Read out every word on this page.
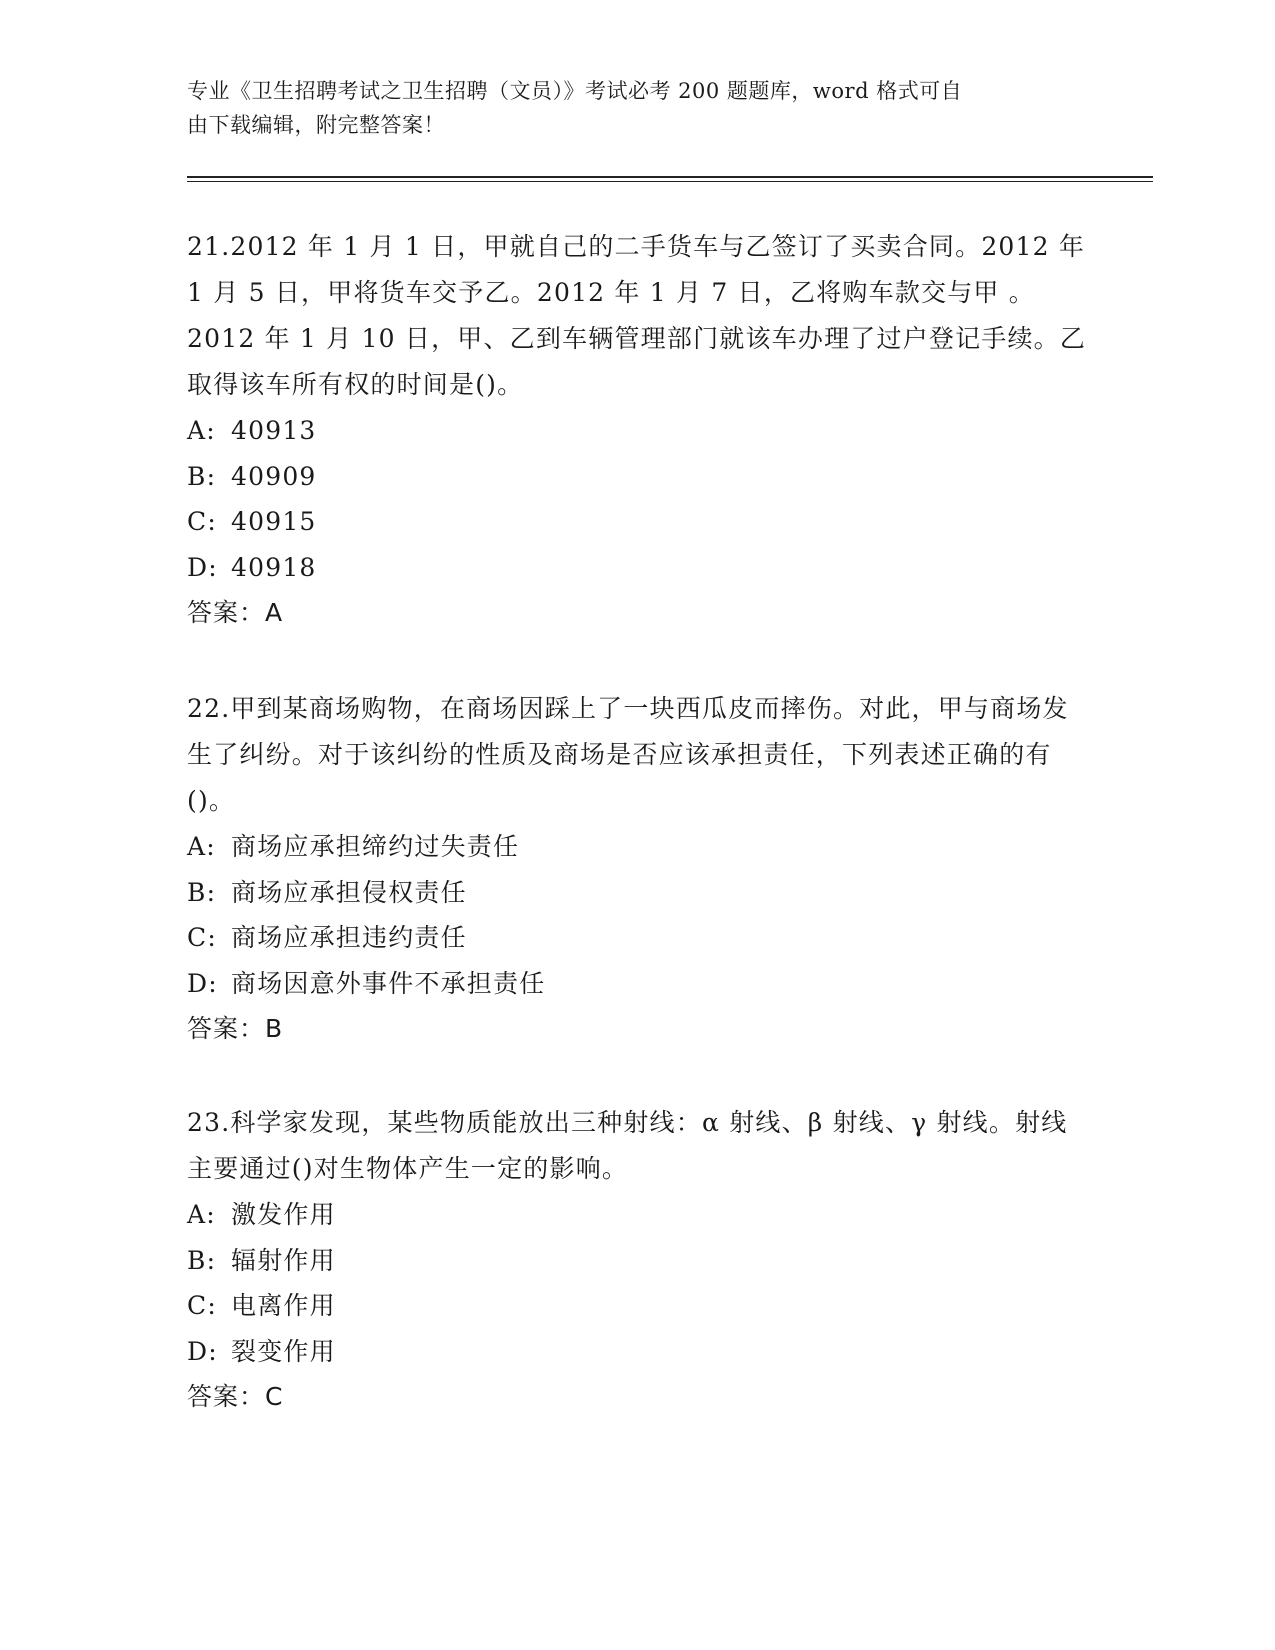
专业《卫生招聘考试之卫生招聘（文员）》考试必考 200 题题库，word 格式可自
由下载编辑，附完整答案！

21.2012 年 1 月 1 日，甲就自己的二手货车与乙签订了买卖合同。2012 年 1 月 5 日，甲将货车交予乙。2012 年 1 月 7 日，乙将购车款交与甲 。2012 年 1 月 10 日，甲、乙到车辆管理部门就该车办理了过户登记手续。乙取得该车所有权的时间是()。

A: 40913
B: 40909
C: 40915
D: 40918
答案：A

22.甲到某商场购物，在商场因踩上了一块西瓜皮而摔伤。对此，甲与商场发生了纠纷。对于该纠纷的性质及商场是否应该承担责任，下列表述正确的有()。

A: 商场应承担缔约过失责任
B: 商场应承担侵权责任
C: 商场应承担违约责任
D: 商场因意外事件不承担责任
答案：B

23.科学家发现，某些物质能放出三种射线：α 射线、β 射线、γ 射线。射线主要通过()对生物体产生一定的影响。

A: 激发作用
B: 辐射作用
C: 电离作用
D: 裂变作用
答案：C
